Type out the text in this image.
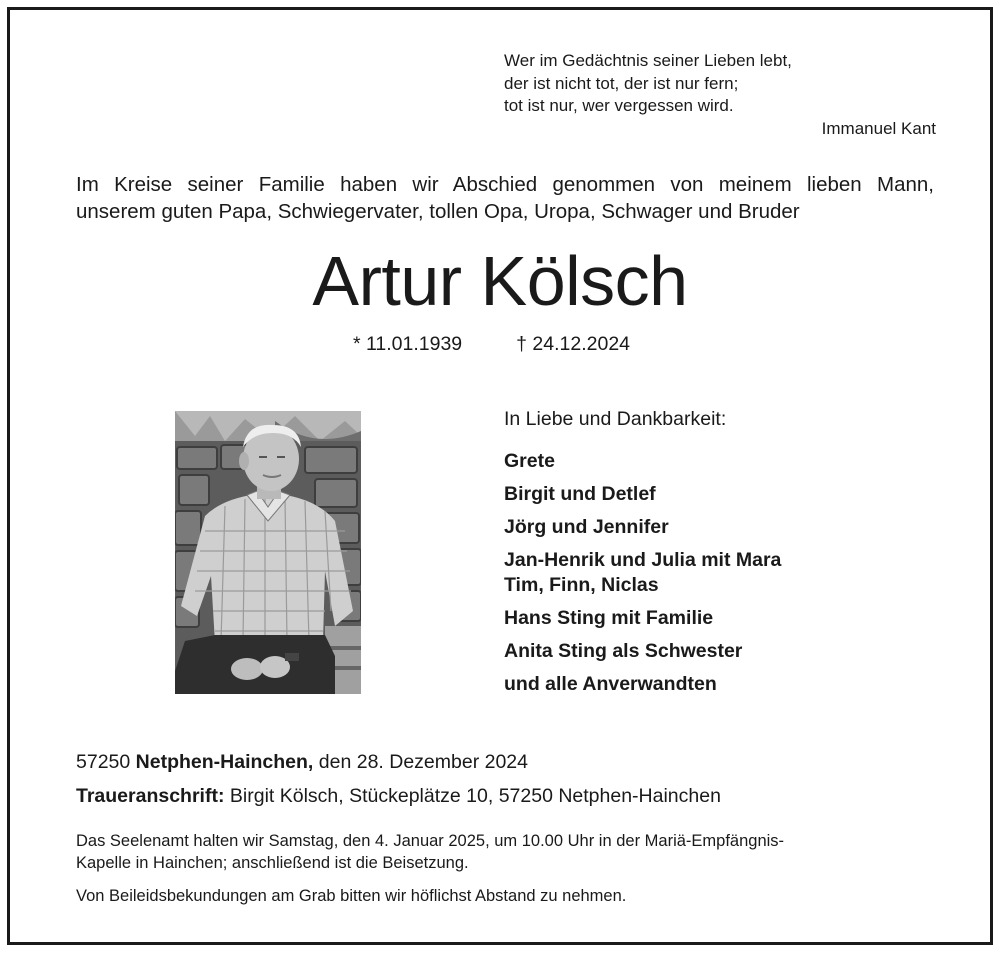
Wer im Gedächtnis seiner Lieben lebt,
der ist nicht tot, der ist nur fern;
tot ist nur, wer vergessen wird.
Immanuel Kant
Im Kreise seiner Familie haben wir Abschied genommen von meinem lieben Mann,
unserem guten Papa, Schwiegervater, tollen Opa, Uropa, Schwager und Bruder
Artur Kölsch
* 11.01.1939	† 24.12.2024
In Liebe und Dankbarkeit:
Grete
Birgit und Detlef
Jörg und Jennifer
Jan-Henrik und Julia mit Mara
Tim, Finn, Niclas
Hans Sting mit Familie
Anita Sting als Schwester
und alle Anverwandten
57250 Netphen-Hainchen, den 28. Dezember 2024
Traueranschrift: Birgit Kölsch, Stückeplätze 10, 57250 Netphen-Hainchen
Das Seelenamt halten wir Samstag, den 4. Januar 2025, um 10.00 Uhr in der Mariä-Empfängnis-
Kapelle in Hainchen; anschließend ist die Beisetzung.
Von Beileidsbekundungen am Grab bitten wir höflichst Abstand zu nehmen.
